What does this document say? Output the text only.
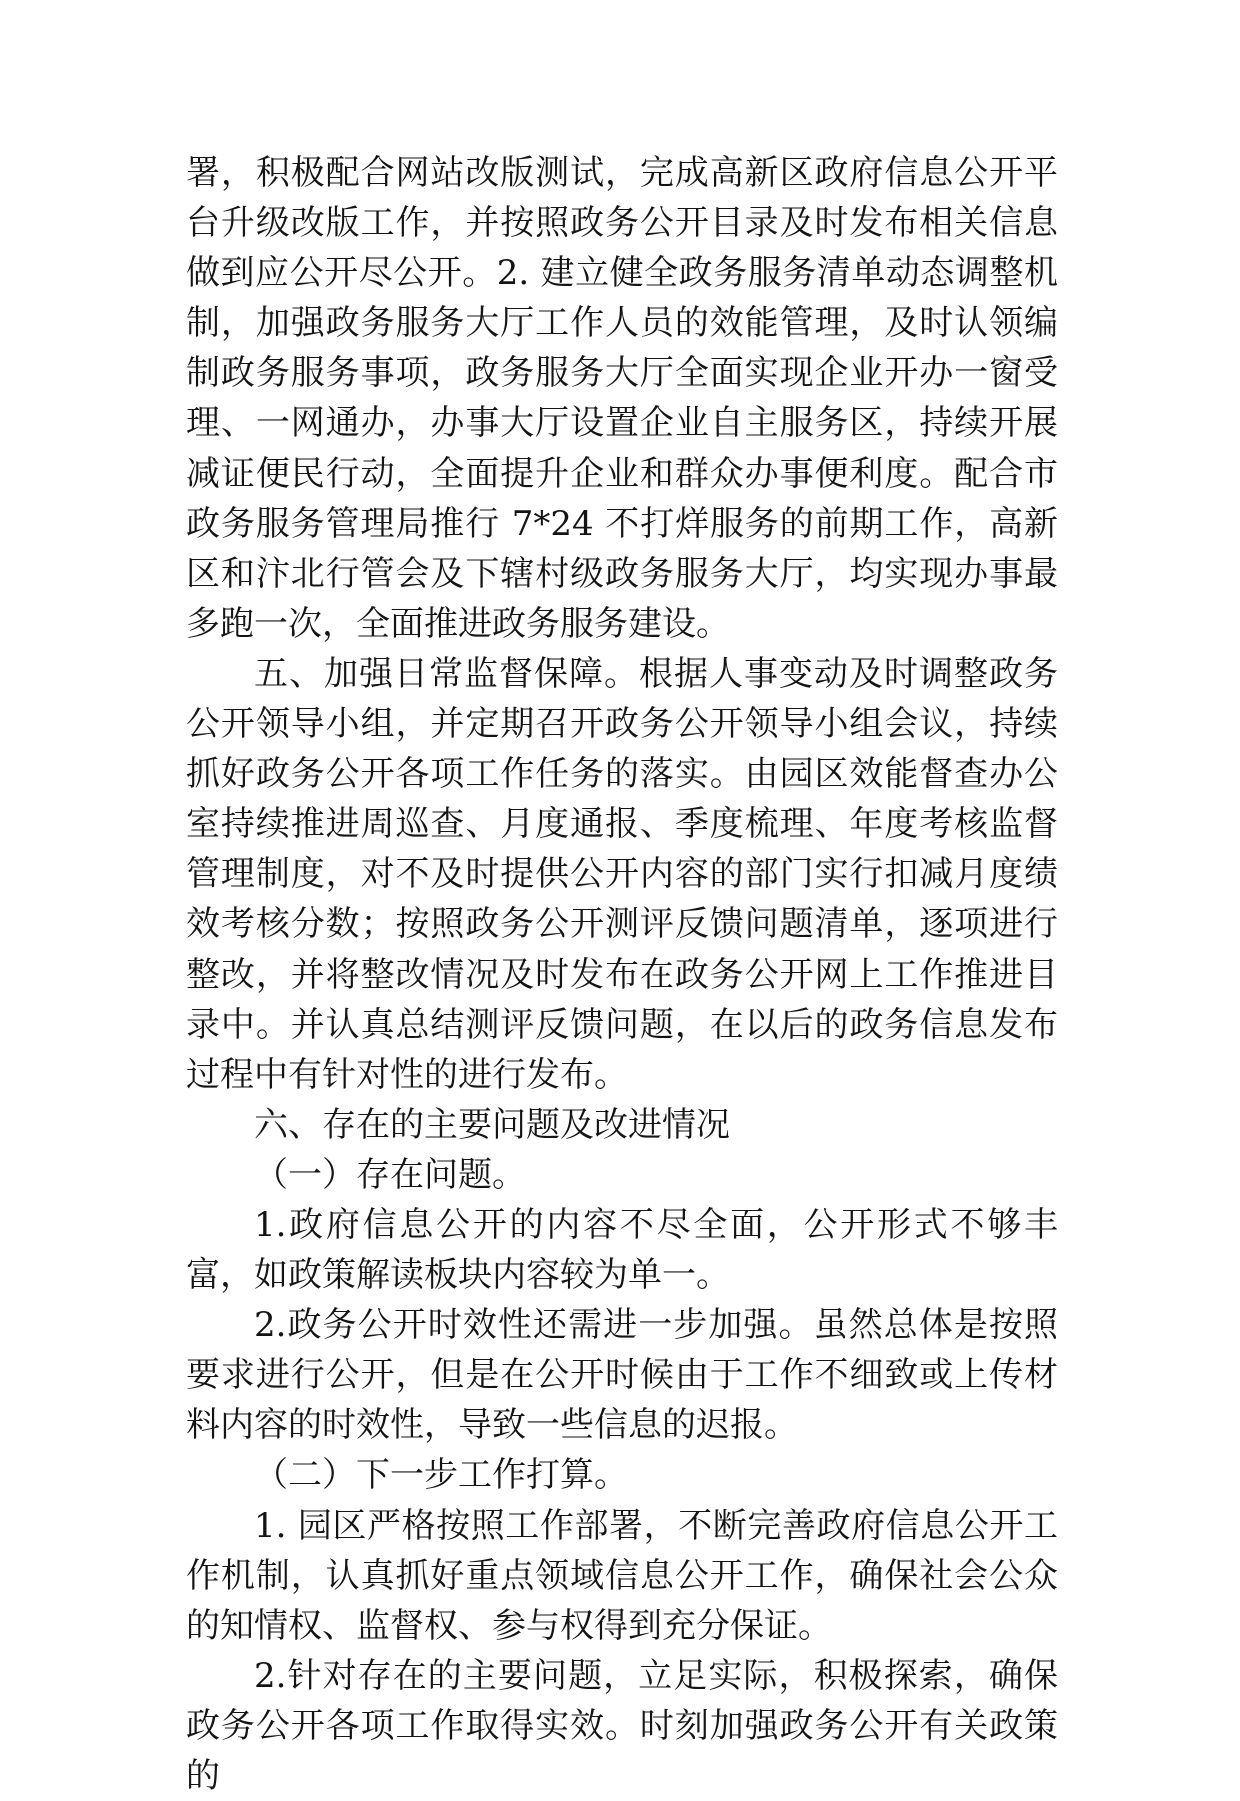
署，积极配合网站改版测试，完成高新区政府信息公开平台升级改版工作，并按照政务公开目录及时发布相关信息做到应公开尽公开。2. 建立健全政务服务清单动态调整机制，加强政务服务大厅工作人员的效能管理，及时认领编制政务服务事项，政务服务大厅全面实现企业开办一窗受理、一网通办，办事大厅设置企业自主服务区，持续开展减证便民行动，全面提升企业和群众办事便利度。配合市政务服务管理局推行 7*24 不打烊服务的前期工作，高新区和汴北行管会及下辖村级政务服务大厅，均实现办事最多跑一次，全面推进政务服务建设。

五、加强日常监督保障。根据人事变动及时调整政务公开领导小组，并定期召开政务公开领导小组会议，持续抓好政务公开各项工作任务的落实。由园区效能督查办公室持续推进周巡查、月度通报、季度梳理、年度考核监督管理制度，对不及时提供公开内容的部门实行扣减月度绩效考核分数；按照政务公开测评反馈问题清单，逐项进行整改，并将整改情况及时发布在政务公开网上工作推进目录中。并认真总结测评反馈问题，在以后的政务信息发布过程中有针对性的进行发布。

六、存在的主要问题及改进情况

（一）存在问题。

1.政府信息公开的内容不尽全面，公开形式不够丰富，如政策解读板块内容较为单一。

2.政务公开时效性还需进一步加强。虽然总体是按照要求进行公开，但是在公开时候由于工作不细致或上传材料内容的时效性，导致一些信息的迟报。

（二）下一步工作打算。

1. 园区严格按照工作部署，不断完善政府信息公开工作机制，认真抓好重点领域信息公开工作，确保社会公众的知情权、监督权、参与权得到充分保证。

2.针对存在的主要问题，立足实际，积极探索，确保政务公开各项工作取得实效。时刻加强政务公开有关政策的
